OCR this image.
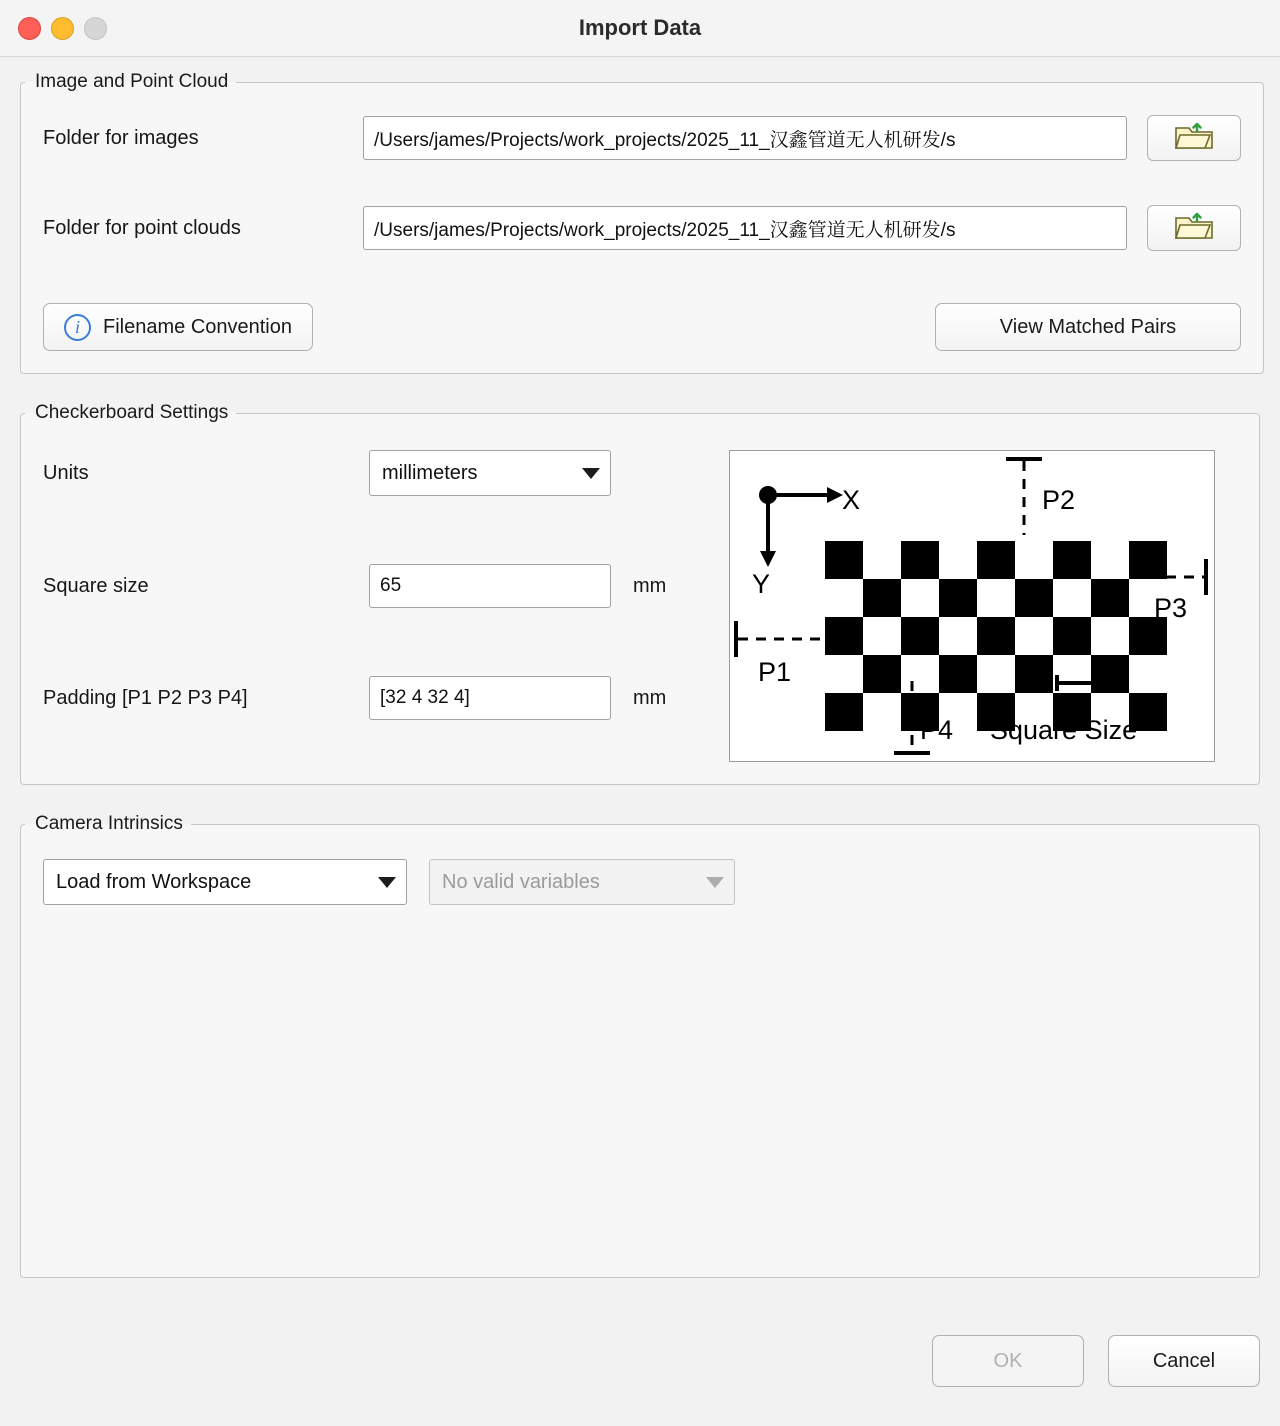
Import Data
Image and Point Cloud
Folder for images	/Users/james/Projects/work_projects/2025_11_汉鑫管道无人机研发/s
Folder for point clouds	/Users/james/Projects/work_projects/2025_11_汉鑫管道无人机研发/s
i	Filename Convention	View Matched Pairs
Checkerboard Settings
Units	millimeters
Square size	65	mm
Padding [P1 P2 P3 P4]	[32 4 32 4]	mm
X
Y
P2
P3
P1
P4 Square Size
Camera Intrinsics
Load from Workspace	No valid variables
OK	Cancel
